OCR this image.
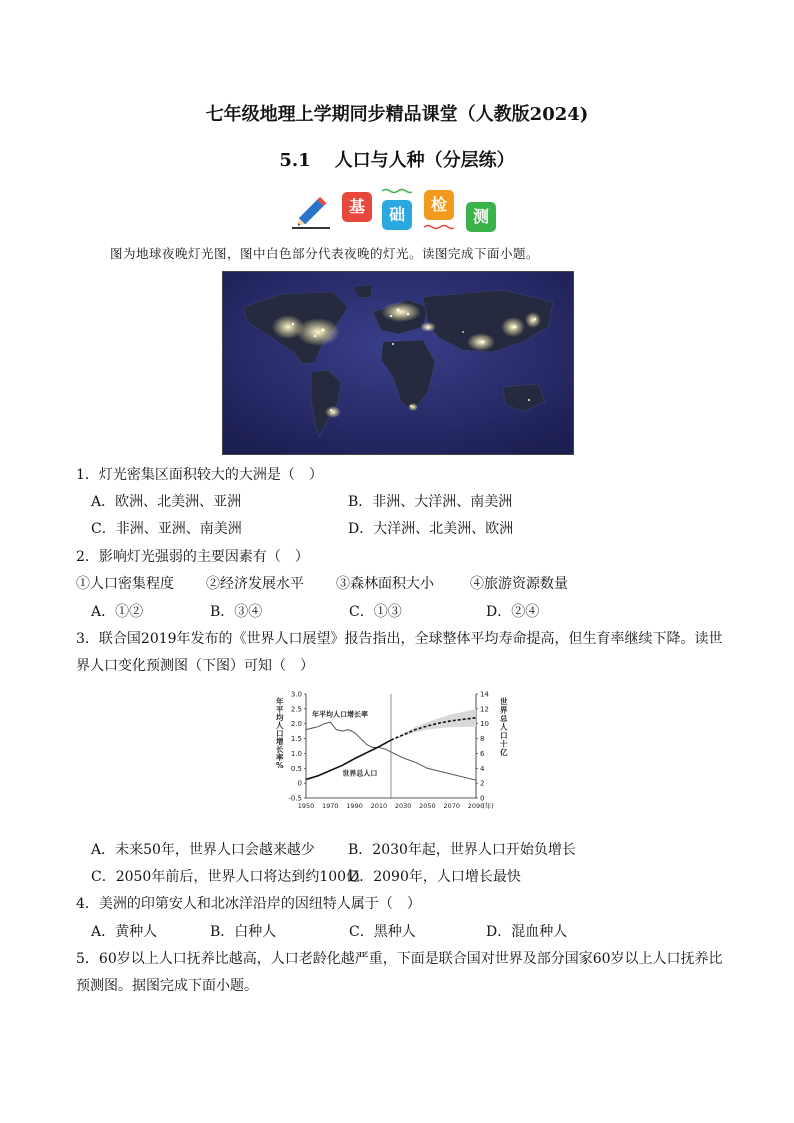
七年级地理上学期同步精品课堂（人教版2024)
5.1 人口与人种（分层练）
基	础
检
测
图为地球夜晚灯光图，图中白色部分代表夜晚的灯光。读图完成下面小题。
1．灯光密集区面积较大的大洲是（　）
A．欧洲、北美洲、亚洲	B．非洲、大洋洲、南美洲
C．非洲、亚洲、南美洲	D．大洋洲、北美洲、欧洲
2．影响灯光强弱的主要因素有（　）
①人口密集程度 ②经济发展水平 ③森林面积大小	④旅游资源数量
A．①②	B．③④	C．①③	D．②④
3．联合国2019年发布的《世界人口展望》报告指出，全球整体平均寿命提高，但生育率继续下降。读世
界人口变化预测图（下图）可知（　）
3.0
2.5
2.0
1.5
1.0
0.5
0
-0.5
14
12
10
8
6
4
2
0
1950 1970 1990 2010 2030 2050 2070 2090
(年)
年
平
均
人
口
增
长
率
%
世
界
总
人
口
十
亿
年平均人口增长率
世界总人口
A．未来50年，世界人口会越来越少 B．2030年起，世界人口开始负增长
C．2050年前后，世界人口将达到约100亿
D．2090年，人口增长最快
4．美洲的印第安人和北冰洋沿岸的因纽特人属于（　）
A．黄种人	B．白种人	C．黑种人	D．混血种人
5．60岁以上人口抚养比越高，人口老龄化越严重，下面是联合国对世界及部分国家60岁以上人口抚养比
预测图。据图完成下面小题。
